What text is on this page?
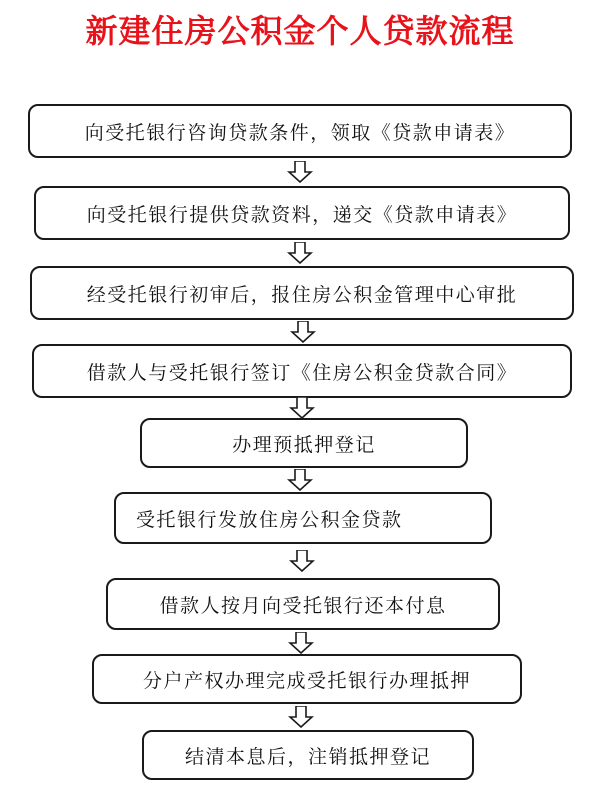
新建住房公积金个人贷款流程
向受托银行咨询贷款条件，领取《贷款申请表》
向受托银行提供贷款资料，递交《贷款申请表》
经受托银行初审后，报住房公积金管理中心审批
借款人与受托银行签订《住房公积金贷款合同》
办理预抵押登记
受托银行发放住房公积金贷款
借款人按月向受托银行还本付息
分户产权办理完成受托银行办理抵押
结清本息后，注销抵押登记
